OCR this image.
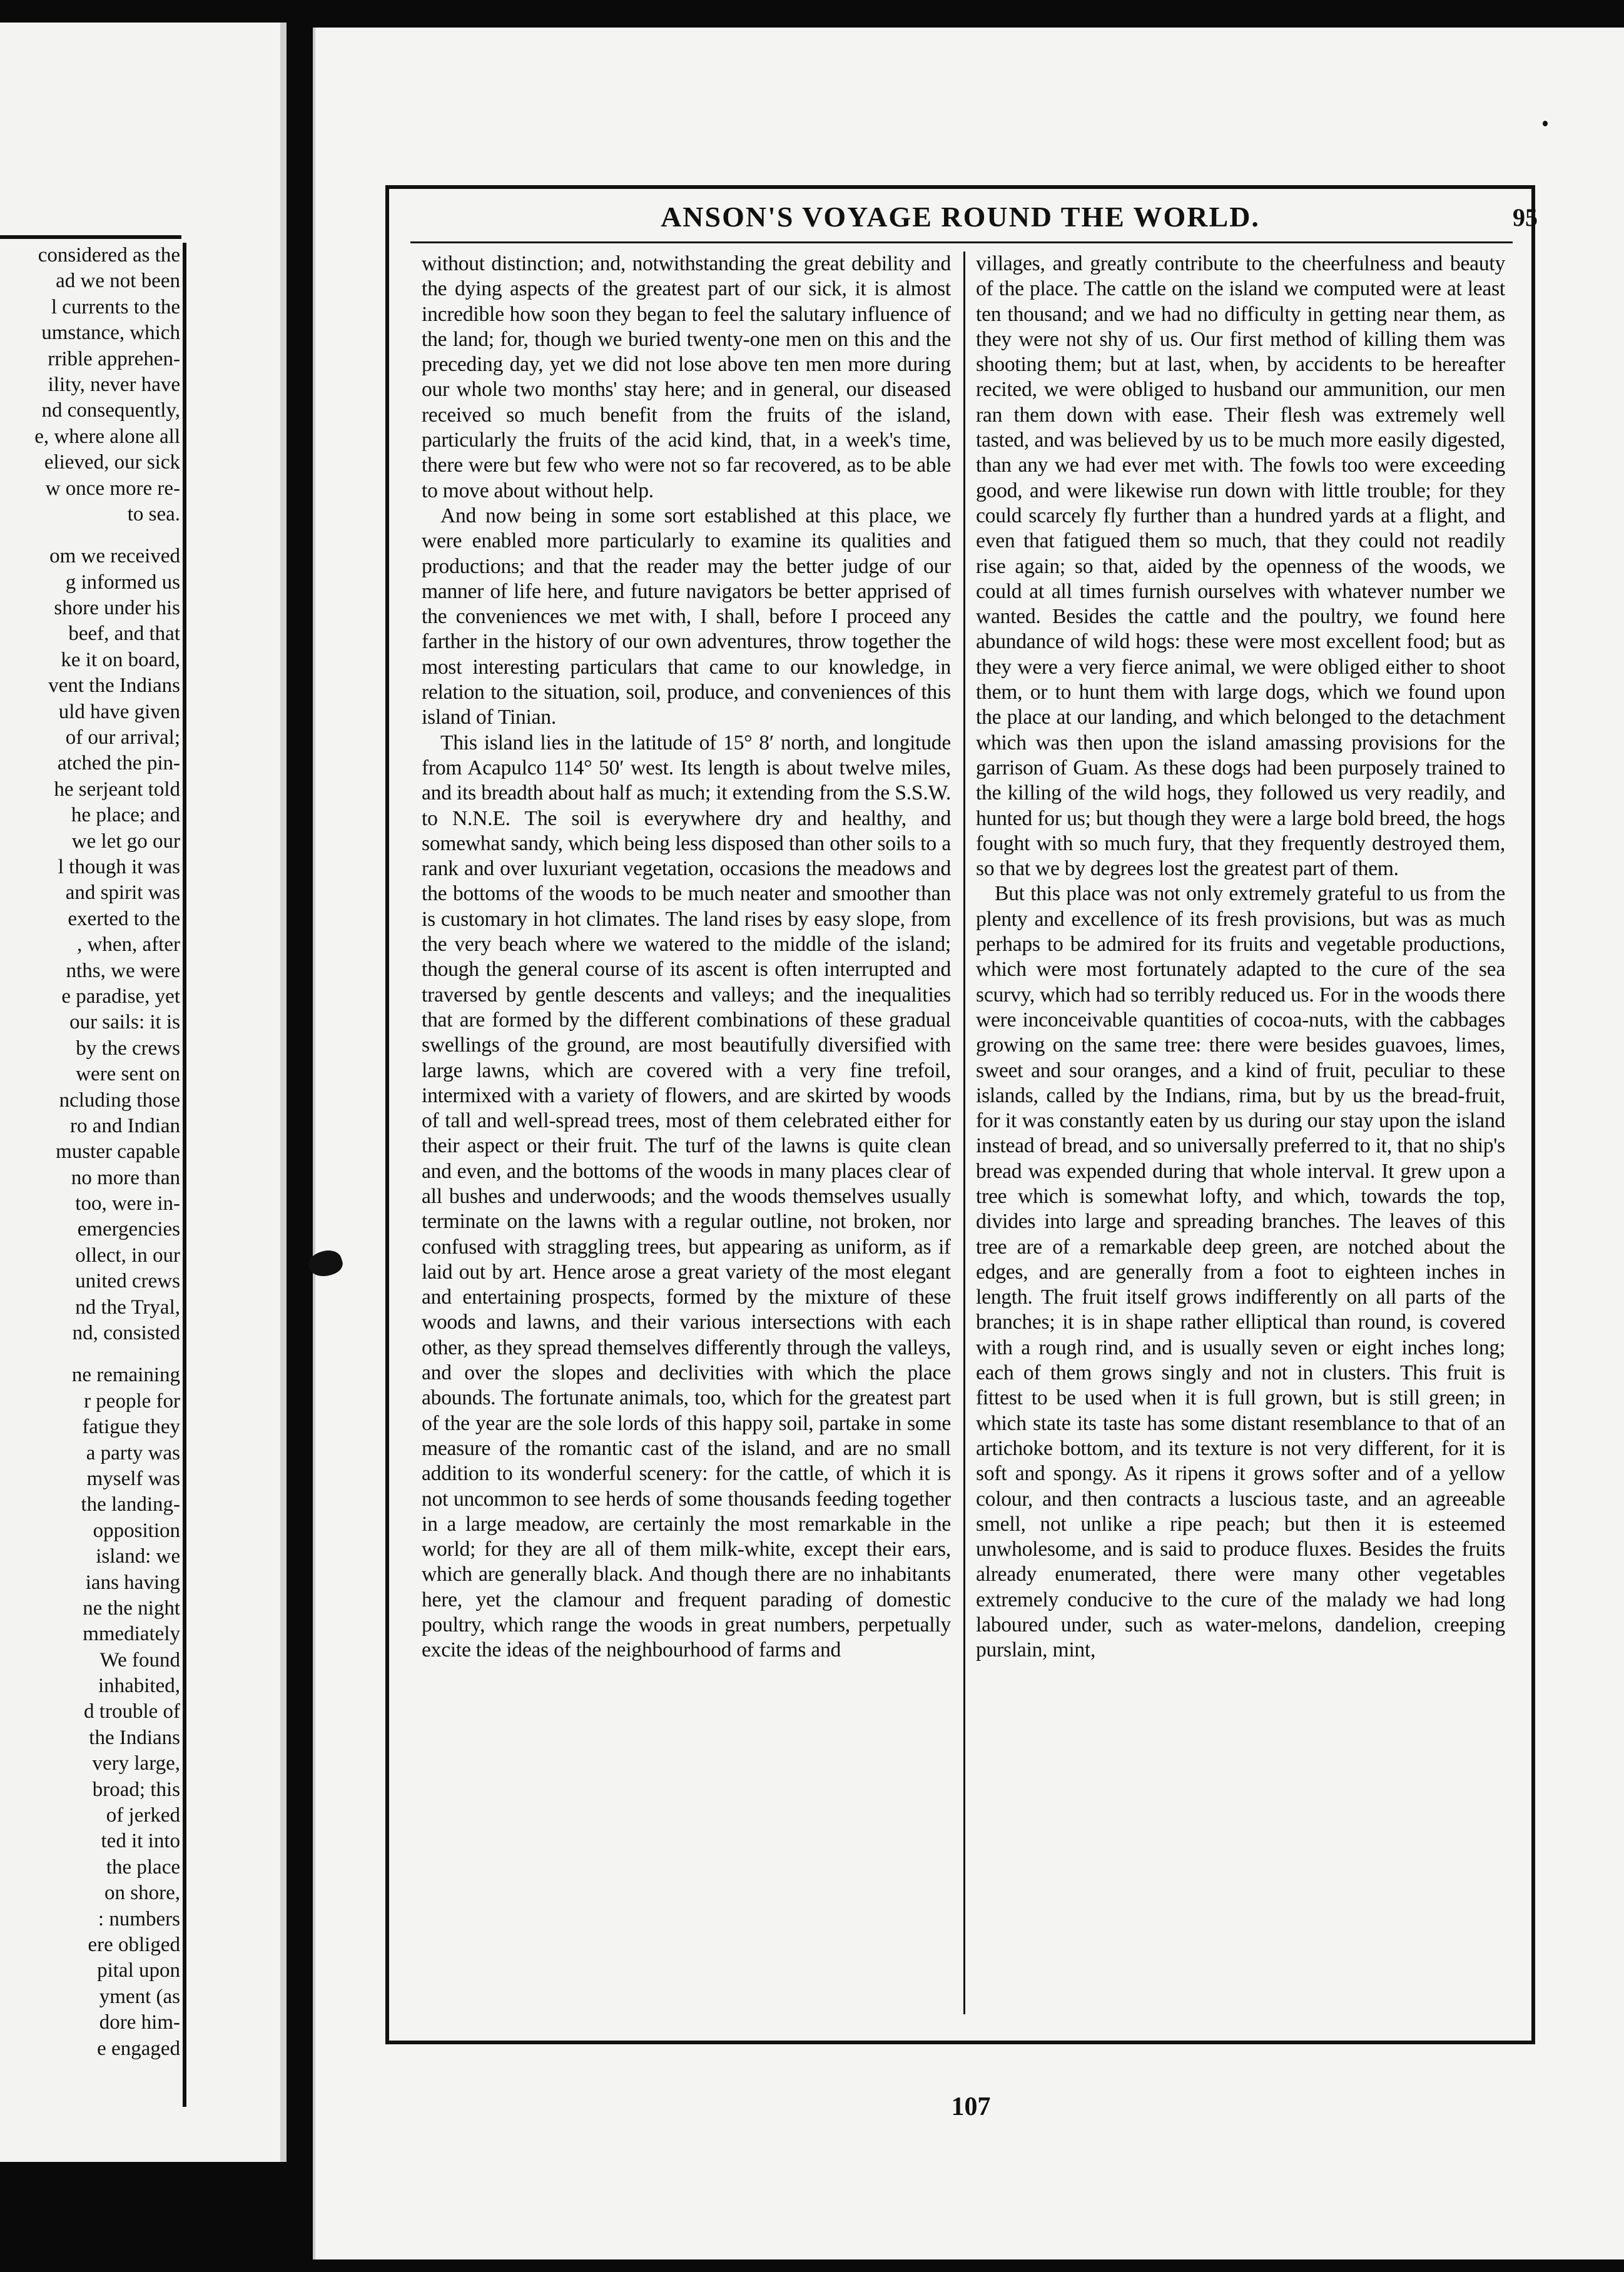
considered as the
ad we not been
l currents to the
umstance, which
rrible apprehen-
ility, never have
nd consequently,
e, where alone all
elieved, our sick
w once more re-
to sea.
om we received
g informed us
shore under his
beef, and that
ke it on board,
vent the Indians
uld have given
of our arrival;
atched the pin-
he serjeant told
he place; and
we let go our
l though it was
and spirit was
exerted to the
, when, after
nths, we were
e paradise, yet
our sails: it is
by the crews
were sent on
ncluding those
ro and Indian
muster capable
no more than
too, were in-
emergencies
ollect, in our
united crews
nd the Tryal,
nd, consisted
ne remaining
r people for
fatigue they
a party was
myself was
the landing-
opposition
island: we
ians having
ne the night
mmediately
We found
inhabited,
d trouble of
the Indians
very large,
broad; this
of jerked
ted it into
the place
on shore,
: numbers
ere obliged
pital upon
yment (as
dore him-
e engaged
ANSON'S VOYAGE ROUND THE WORLD.	95

without distinction; and, notwithstanding the great debility and the dying aspects of the greatest part of our sick, it is almost incredible how soon they began to feel the salutary influence of the land; for, though we buried twenty-one men on this and the preceding day, yet we did not lose above ten men more during our whole two months' stay here; and in general, our diseased received so much benefit from the fruits of the island, particularly the fruits of the acid kind, that, in a week's time, there were but few who were not so far recovered, as to be able to move about without help.

And now being in some sort established at this place, we were enabled more particularly to examine its qualities and productions; and that the reader may the better judge of our manner of life here, and future navigators be better apprised of the conveniences we met with, I shall, before I proceed any farther in the history of our own adventures, throw together the most interesting particulars that came to our knowledge, in relation to the situation, soil, produce, and conveniences of this island of Tinian.

This island lies in the latitude of 15° 8′ north, and longitude from Acapulco 114° 50′ west. Its length is about twelve miles, and its breadth about half as much; it extending from the S.S.W. to N.N.E. The soil is everywhere dry and healthy, and somewhat sandy, which being less disposed than other soils to a rank and over luxuriant vegetation, occasions the meadows and the bottoms of the woods to be much neater and smoother than is customary in hot climates. The land rises by easy slope, from the very beach where we watered to the middle of the island; though the general course of its ascent is often interrupted and traversed by gentle descents and valleys; and the inequalities that are formed by the different combinations of these gradual swellings of the ground, are most beautifully diversified with large lawns, which are covered with a very fine trefoil, intermixed with a variety of flowers, and are skirted by woods of tall and well-spread trees, most of them celebrated either for their aspect or their fruit. The turf of the lawns is quite clean and even, and the bottoms of the woods in many places clear of all bushes and underwoods; and the woods themselves usually terminate on the lawns with a regular outline, not broken, nor confused with straggling trees, but appearing as uniform, as if laid out by art. Hence arose a great variety of the most elegant and entertaining prospects, formed by the mixture of these woods and lawns, and their various intersections with each other, as they spread themselves differently through the valleys, and over the slopes and declivities with which the place abounds. The fortunate animals, too, which for the greatest part of the year are the sole lords of this happy soil, partake in some measure of the romantic cast of the island, and are no small addition to its wonderful scenery: for the cattle, of which it is not uncommon to see herds of some thousands feeding together in a large meadow, are certainly the most remarkable in the world; for they are all of them milk-white, except their ears, which are generally black. And though there are no inhabitants here, yet the clamour and frequent parading of domestic poultry, which range the woods in great numbers, perpetually excite the ideas of the neighbourhood of farms and

villages, and greatly contribute to the cheerfulness and beauty of the place. The cattle on the island we computed were at least ten thousand; and we had no difficulty in getting near them, as they were not shy of us. Our first method of killing them was shooting them; but at last, when, by accidents to be hereafter recited, we were obliged to husband our ammunition, our men ran them down with ease. Their flesh was extremely well tasted, and was believed by us to be much more easily digested, than any we had ever met with. The fowls too were exceeding good, and were likewise run down with little trouble; for they could scarcely fly further than a hundred yards at a flight, and even that fatigued them so much, that they could not readily rise again; so that, aided by the openness of the woods, we could at all times furnish ourselves with whatever number we wanted. Besides the cattle and the poultry, we found here abundance of wild hogs: these were most excellent food; but as they were a very fierce animal, we were obliged either to shoot them, or to hunt them with large dogs, which we found upon the place at our landing, and which belonged to the detachment which was then upon the island amassing provisions for the garrison of Guam. As these dogs had been purposely trained to the killing of the wild hogs, they followed us very readily, and hunted for us; but though they were a large bold breed, the hogs fought with so much fury, that they frequently destroyed them, so that we by degrees lost the greatest part of them.

But this place was not only extremely grateful to us from the plenty and excellence of its fresh provisions, but was as much perhaps to be admired for its fruits and vegetable productions, which were most fortunately adapted to the cure of the sea scurvy, which had so terribly reduced us. For in the woods there were inconceivable quantities of cocoa-nuts, with the cabbages growing on the same tree: there were besides guavoes, limes, sweet and sour oranges, and a kind of fruit, peculiar to these islands, called by the Indians, rima, but by us the bread-fruit, for it was constantly eaten by us during our stay upon the island instead of bread, and so universally preferred to it, that no ship's bread was expended during that whole interval. It grew upon a tree which is somewhat lofty, and which, towards the top, divides into large and spreading branches. The leaves of this tree are of a remarkable deep green, are notched about the edges, and are generally from a foot to eighteen inches in length. The fruit itself grows indifferently on all parts of the branches; it is in shape rather elliptical than round, is covered with a rough rind, and is usually seven or eight inches long; each of them grows singly and not in clusters. This fruit is fittest to be used when it is full grown, but is still green; in which state its taste has some distant resemblance to that of an artichoke bottom, and its texture is not very different, for it is soft and spongy. As it ripens it grows softer and of a yellow colour, and then contracts a luscious taste, and an agreeable smell, not unlike a ripe peach; but then it is esteemed unwholesome, and is said to produce fluxes. Besides the fruits already enumerated, there were many other vegetables extremely conducive to the cure of the malady we had long laboured under, such as water-melons, dandelion, creeping purslain, mint,

107
